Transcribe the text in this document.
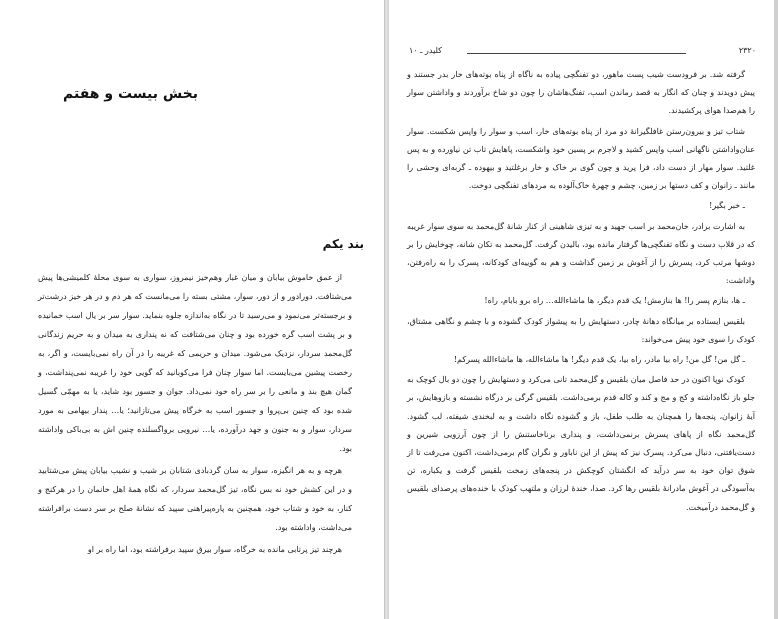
بخش بیست و هفتم
بند یکم

از عمق خاموش بیابان و میان غبار وهم‌خیز نیمروز، سواری به سوی محلهٔ کلمیشی‌ها پیش می‌شتافت. دورادور و از دور، سوار، مشتی بسته را می‌مانست که هر دم و در هر خیز درشت‌تر و برجسته‌تر می‌نمود و می‌رسید تا در نگاه به‌اندازه جلوه بنماید. سوار سر بر یال اسب خمانیده و بر پشت اسب گره خورده بود و چنان می‌شتافت که نه پنداری به میدان و به حریم زندگانی گل‌محمد سردار، نزدیک می‌شود. میدان و حریمی که غریبه را در آن راه نمی‌بایست، و اگر، به رخصت پیشین می‌بایست. اما سوار چنان فرا می‌کوبانید که گویی خود را غریبه نمی‌پنداشت، و گمان هیچ بند و مانعی را بر سر راه خود نمی‌داد. جوان و جسور بود شاید، یا به مهمّی گسیل شده بود که چنین بی‌پروا و جسور اسب به خرگاه پیش می‌تازانید؛ یا… پندار بیهامی به مورد سردار، سوار و به جنون و جهد درآورده، یا… نیرویی برواگسلنده چنین اش به بی‌باکی واداشته بود.

هرچه و به هر انگیزه، سوار به سان گردبادی شتابان بر شیب و نشیب بیابان پیش می‌شتابید و در این کشش خود نه بس نگاه، تیز گل‌محمد سردار، که نگاه همهٔ اهل خانمان را در هرکنج و کنار، به خود و شتاب خود، همچنین به پاره‌پیراهنی سپید که نشانهٔ صلح بر سر دست برافراشته می‌داشت، واداشته بود.

هرچند تیز پرتابی مانده به خرگاه، سوار بیرق سپید برفراشته بود، اما راه بر او

کلیدر ـ ۱۰	۲۳۲۰

گرفته شد. بر فرودست شیب پست ماهور، دو تفنگچی پیاده به ناگاه از پناه بوته‌های خار بدر جستند و پیش دویدند و چنان که انگار به قصد رماندن اسب، تفنگ‌هاشان را چون دو شاخ برآوردند و واداشتن سوار را هم‌صدا هوای پرکشیدند.

شتاب تیز و بیرون‌رستن غافلگیرانهٔ دو مرد از پناه بوته‌های خار، اسب و سوار را واپس شکست. سوار عنان‌واداشتن ناگهانی اسب واپس کشید و لاجرم بر پسین خود واشکست، پاهایش تاب تن نیاورده و به پس غلتید. سوار مهار از دست داد، فرا پرید و چون گوی بر خاک و خار برغلتید و بیهوده ـ گربه‌ای وحشی را مانند ـ زانوان و کف دستها بر زمین، چشم و چهرهٔ خاک‌آلوده به مردهای تفنگچی دوخت.

ـ خبر بگیر!

به اشارت برادر، خان‌محمد بر اسب جهید و به تیزی شاهینی از کنار شانهٔ گل‌محمد به سوی سوار غریبه که در قلاب دست و نگاه تفنگچی‌ها گرفتار مانده بود، بالیدن گرفت. گل‌محمد به تکان شانه، چوخایش را بر دوشها مرتب کرد، پسرش را از آغوش بر زمین گذاشت و هم به گوییه‌ای کودکانه، پسرک را به راه‌رفتن، واداشت:

ـ ها، بنازم پسر را! ها بنازمش! یک قدم دیگر، ها ماشاءالله… راه برو بابام، راه!

بلقیس ایستاده بر میانگاه دهانهٔ چادر، دستهایش را به پیشواز کودک گشوده و با چشم و نگاهی مشتاق، کودک را سوی خود پیش می‌خواند:

ـ گل من! گل من! راه بیا مادر، راه بیا، یک قدم دیگر! ها ماشاءالله، ها ماشاءالله پسرکم!

کودک نوپا اکنون در حد فاصل میان بلقیس و گل‌محمد تانی می‌کرد و دستهایش را چون دو بال کوچک به جلو باز نگاه‌داشته و کج و مج و کند و کاله قدم برمی‌داشت. بلقیس گرگی بر درگاه نشسته و بازوهایش، بر آیهٔ زانوان، پنجه‌ها را همچنان به طلب طفل، باز و گشوده نگاه داشت و به لبخندی شیفته، لب گشود. گل‌محمد نگاه از پاهای پسرش برنمی‌داشت، و پنداری برناخاستنش را از چون آرزویی شیرین و دست‌یافتنی، دنبال می‌کرد. پسرک نیز که پیش از این ناباور و نگران گام برمی‌داشت، اکنون می‌رفت تا از شوق توان خود به سر درآید که انگشتان کوچکش در پنجه‌های زمخت بلقیس گرفت و یکباره، تن به‌آسودگی در آغوش مادرانهٔ بلقیس رها کرد. صدا، خندهٔ لرزان و ملتهب کودک با خنده‌های پرصدای بلقیس و گل‌محمد درآمیخت.
